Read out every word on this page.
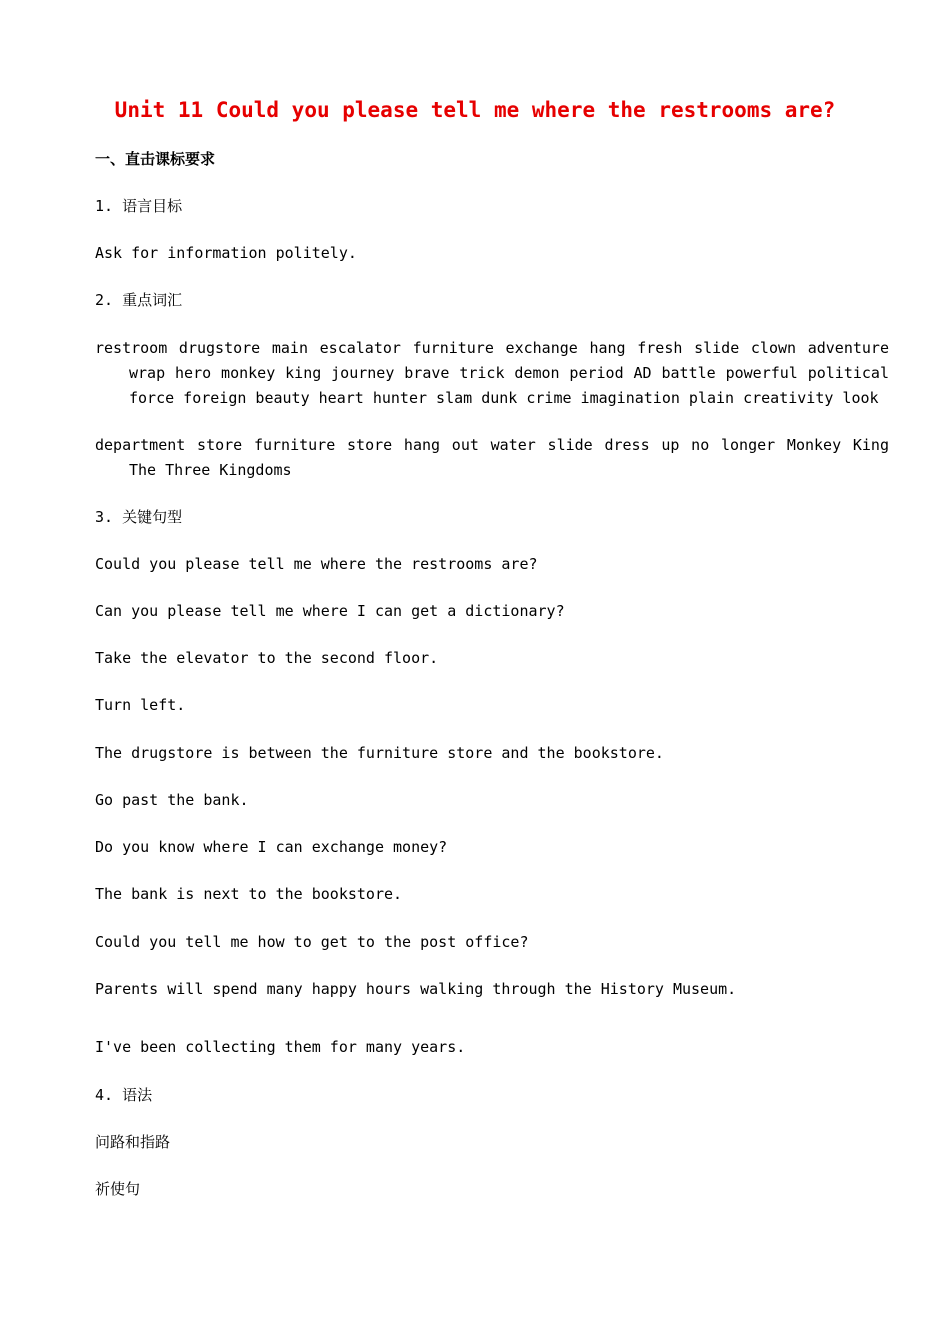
Unit 11 Could you please tell me where the restrooms are?
一、直击课标要求
1. 语言目标
Ask for information politely.
2. 重点词汇
restroom drugstore main escalator furniture exchange hang fresh slide clown adventure wrap hero monkey king journey brave trick demon period AD battle powerful political force foreign beauty heart hunter slam dunk crime imagination plain creativity look
department store furniture store hang out water slide dress up no longer Monkey King The Three Kingdoms
3. 关键句型
Could you please tell me where the restrooms are?
Can you please tell me where I can get a dictionary?
Take the elevator to the second floor.
Turn left.
The drugstore is between the furniture store and the bookstore.
Go past the bank.
Do you know where I can exchange money?
The bank is next to the bookstore.
Could you tell me how to get to the post office?
Parents will spend many happy hours walking through the History Museum.
I've been collecting them for many years.
4. 语法
问路和指路
祈使句
